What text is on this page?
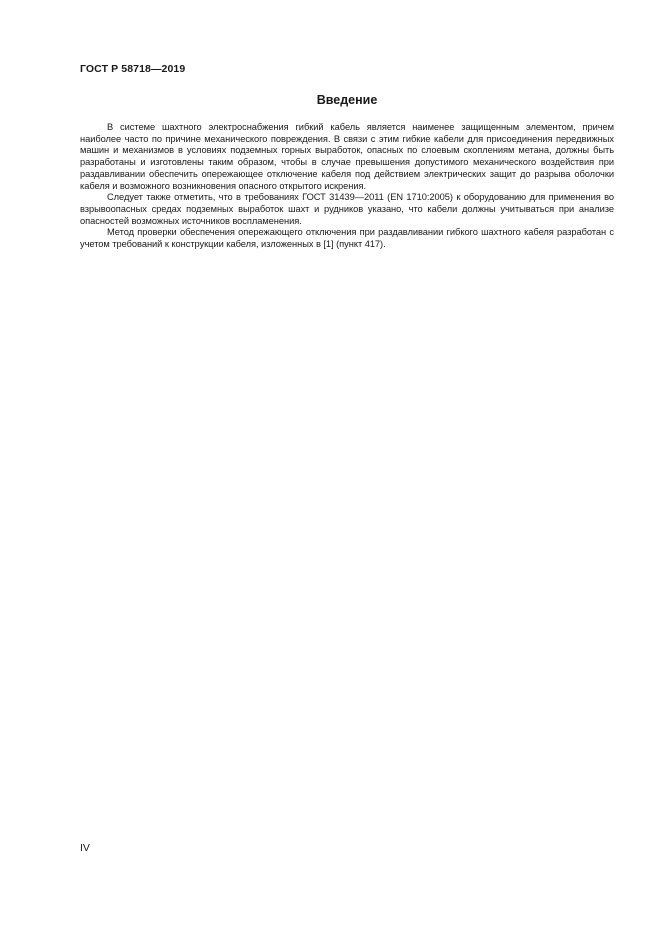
ГОСТ Р 58718—2019
Введение

В системе шахтного электроснабжения гибкий кабель является наименее защищенным элементом, причем наиболее часто по причине механического повреждения. В связи с этим гибкие кабели для присоединения передвижных машин и механизмов в условиях подземных горных выработок, опасных по слоевым скоплениям метана, должны быть разработаны и изготовлены таким образом, чтобы в случае превышения допустимого механического воздействия при раздавливании обеспечить опережающее отключение кабеля под действием электрических защит до разрыва оболочки кабеля и возможного возникновения опасного открытого искрения.

Следует также отметить, что в требованиях ГОСТ 31439—2011 (EN 1710:2005) к оборудованию для применения во взрывоопасных средах подземных выработок шахт и рудников указано, что кабели должны учитываться при анализе опасностей возможных источников воспламенения.

Метод проверки обеспечения опережающего отключения при раздавливании гибкого шахтного кабеля разработан с учетом требований к конструкции кабеля, изложенных в [1] (пункт 417).

IV
